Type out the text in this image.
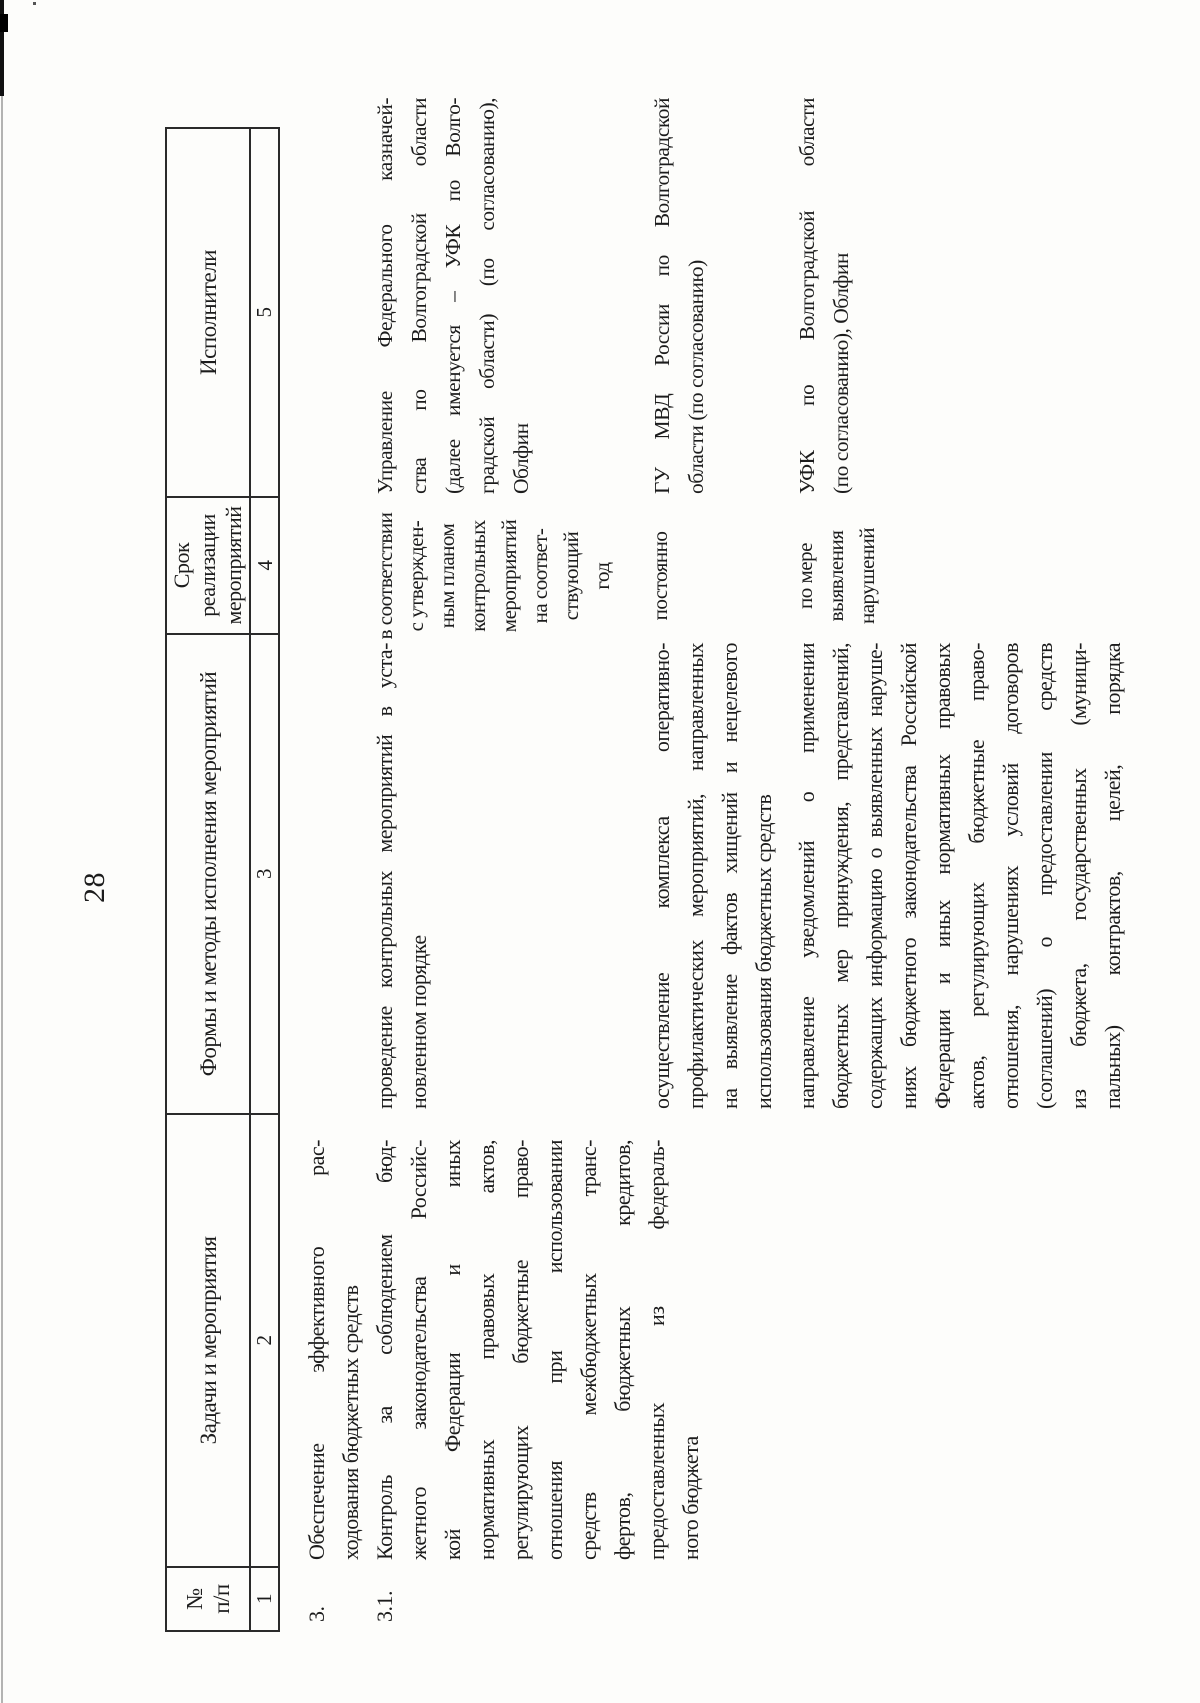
28
№ п/п
Задачи и мероприятия
Формы и методы исполнения мероприятий
Срок реализации мероприятий
Исполнители
1
2
3
4
5
3.
Обеспечение эффективного рас- ходования бюджетных средств
3.1.
Контроль за соблюдением бюд- жетного законодательства Российс- кой Федерации и иных нормативных правовых актов, регулирующих бюджетные право- отношения при использовании средств межбюджетных транс- фертов, бюджетных кредитов, предоставленных из федераль- ного бюджета
проведение контрольных мероприятий в уста- новленном порядке
в соответствии с утвержден- ным планом контрольных мероприятий на соответ- ствующий год
Управление Федерального казначей- ства по Волгоградской области (далее именуется – УФК по Волго- градской области) (по согласованию), Облфин
осуществление комплекса оперативно- профилактических мероприятий, направленных на выявление фактов хищений и нецелевого использования бюджетных средств
постоянно
ГУ МВД России по Волгоградской области (по согласованию)
направление уведомлений о применении бюджетных мер принуждения, представлений, содержащих информацию о выявленных наруше- ниях бюджетного законодательства Российской Федерации и иных нормативных правовых актов, регулирующих бюджетные право- отношения, нарушениях условий договоров (соглашений) о предоставлении средств из бюджета, государственных (муници- пальных) контрактов, целей, порядка
по мере выявления нарушений
УФК по Волгоградской области (по согласованию), Облфин
